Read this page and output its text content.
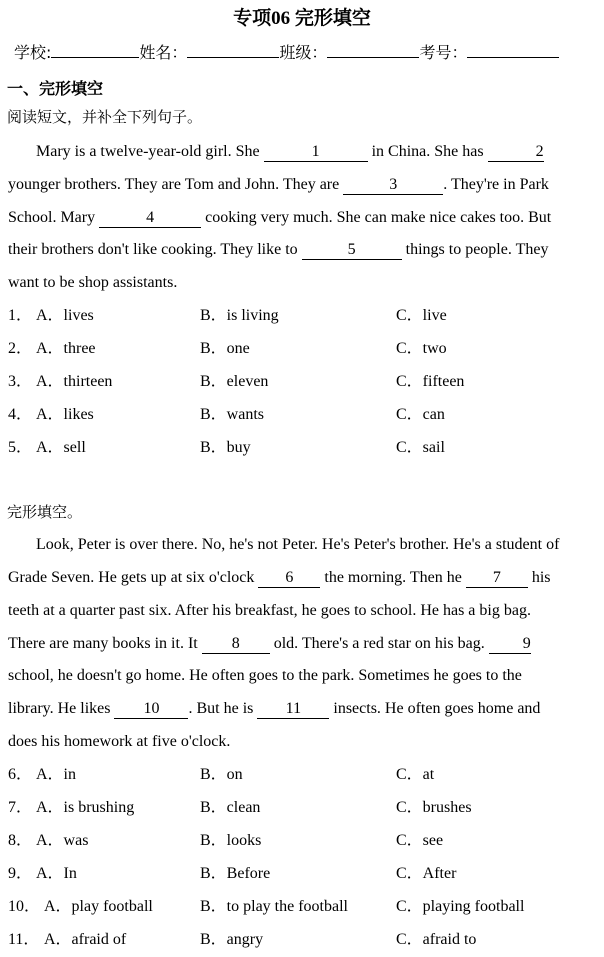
专项06 完形填空
学校:	姓名：	班级：	考号：
一、完形填空
阅读短文，并补全下列句子。
Mary is a twelve-year-old girl. She	1	in China. She has	2
younger brothers. They are Tom and John. They are	3	. They're in Park
School. Mary	4	cooking very much. She can make nice cakes too. But
their brothers don't like cooking. They like to	5	things to people. They
want to be shop assistants.
1． A．lives	B．is living	C．live
2． A．three	B．one	C．two
3． A．thirteen	B．eleven	C．fifteen
4． A．likes	B．wants	C．can
5． A．sell	B．buy	C．sail
完形填空。
Look, Peter is over there. No, he's not Peter. He's Peter's brother. He's a student of
Grade Seven. He gets up at six o'clock 6 the morning. Then he 7 his
teeth at a quarter past six. After his breakfast, he goes to school. He has a big bag.
There are many books in it. It 8 old. There's a red star on his bag. 9
school, he doesn't go home. He often goes to the park. Sometimes he goes to the
library. He likes 10 . But he is 11 insects. He often goes home and
does his homework at five o'clock.
6． A．in	B．on	C．at
7． A．is brushing	B．clean	C．brushes
8． A．was	B．looks	C．see
9． A．In	B．Before	C．After
10． A．play football	B．to play the football	C．playing football
11． A．afraid of	B．angry	C．afraid to
